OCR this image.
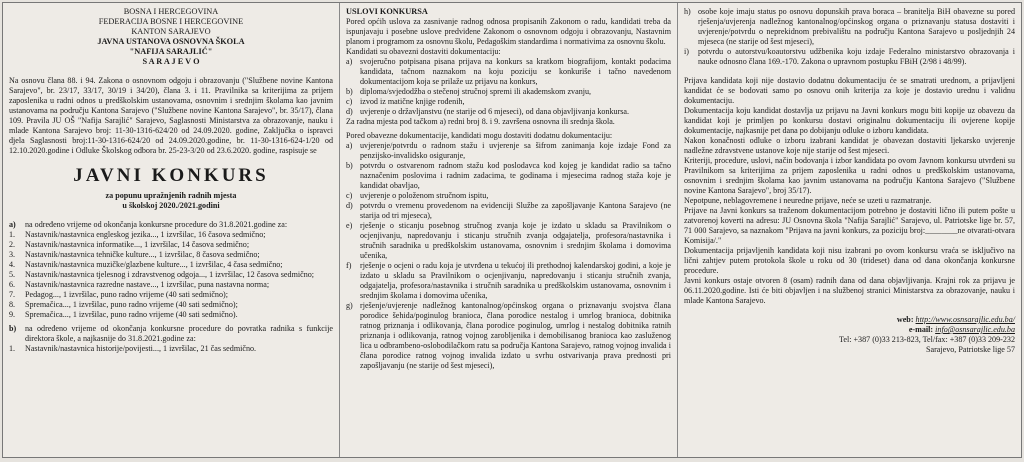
BOSNA I HERCEGOVINA
FEDERACIJA BOSNE I HERCEGOVINE
KANTON SARAJEVO
JAVNA USTANOVA OSNOVNA ŠKOLA
"NAFIJA SARAJLIĆ"
S A R A J E V O

Na osnovu člana 88. i 94. Zakona o osnovnom odgoju i obrazovanju ("Službene novine Kantona Sarajevo", br. 23/17, 33/17, 30/19 i 34/20), člana 3. i 11. Pravilnika sa kriterijima za prijem zaposlenika u radni odnos u predškolskim ustanovama, osnovnim i srednjim školama kao javnim ustanovama na području Kantona Sarajevo ("Službene novine Kantona Sarajevo", br. 35/17), člana 109. Pravila JU OŠ "Nafija Sarajlić" Sarajevo, Saglasnosti Ministarstva za obrazovanje, nauku i mlade Kantona Sarajevo broj: 11-30-1316-624/20 od 24.09.2020. godine, Zaključka o ispravci djela Saglasnosti broj:11-30-1316-624/20 od 24.09.2020.godine, br. 11-30-1316-624-1/20 od 12.10.2020.godine i Odluke Školskog odbora br. 25-23-3/20 od 23.6.2020. godine, raspisuje se

JAVNI KONKURS
za popunu upražnjenih radnih mjesta
u školskoj 2020./2021.godini
a)	na određeno vrijeme od okončanja konkursne procedure do 31.8.2021.godine za:
1.	Nastavnik/nastavnica engleskog jezika..., 1 izvršilac, 16 časova sedmično;
2.	Nastavnik/nastavnica informatike..., 1 izvršilac, 14 časova sedmično;
3.	Nastavnik/nastavnica tehničke kulture..., 1 izvršilac, 8 časova sedmično;
4.	Nastavnik/nastavnica muzičke/glazbene kulture..., 1 izvršilac, 4 časa sedmično;
5.	Nastavnik/nastavnica tjelesnog i zdravstvenog odgoja..., 1 izvršilac, 12 časova sedmično;
6.	Nastavnik/nastavnica razredne nastave..., 1 izvršilac, puna nastavna norma;
7.	Pedagog..., 1 izvršilac, puno radno vrijeme (40 sati sedmično);
8.	Spremačica..., 1 izvršilac, puno radno vrijeme (40 sati sedmično);
9.	Spremačica..., 1 izvršilac, puno radno vrijeme (40 sati sedmično).
b)	na određeno vrijeme od okončanja konkursne procedure do povratka radnika s funkcije direktora škole, a najkasnije do 31.8.2021.godine za:
1.	Nastavnik/nastavnica historije/povijesti..., 1 izvršilac, 21 čas sedmično.
USLOVI KONKURSA

Pored općih uslova za zasnivanje radnog odnosa propisanih Zakonom o radu, kandidati treba da ispunjavaju i posebne uslove predviđene Zakonom o osnovnom odgoju i obrazovanju, Nastavnim planom i programom za osnovnu školu, Pedagoškim standardima i normativima za osnovnu školu.

Kandidati su obavezni dostaviti dokumentaciju:

a) svojeručno potpisana pisana prijava na konkurs sa kratkom biografijom, kontakt podacima kandidata, tačnom naznakom na koju poziciju se konkuriše i tačno navedenom dokumentacijom koja se prilaže uz prijavu na konkurs,
b) diploma/svjedodžba o stečenoj stručnoj spremi ili akademskom zvanju,
c) izvod iz matične knjige rođenih,
d) uvjerenje o državljanstvu (ne starije od 6 mjeseci), od dana objavljivanja konkursa.

Za radna mjesta pod tačkom a) redni broj 8. i 9. završena osnovna ili srednja škola.

Pored obavezne dokumentacije, kandidati mogu dostaviti dodatnu dokumentaciju:

a) uvjerenje/potvrdu o radnom stažu i uvjerenje sa šifrom zanimanja koje izdaje Fond za penzijsko-invalidsko osiguranje,
b) potvrdu o ostvarenom radnom stažu kod poslodavca kod kojeg je kandidat radio sa tačno naznačenim poslovima i radnim zadacima, te godinama i mjesecima radnog staža koje je kandidat obavljao,
c) uvjerenje o položenom stručnom ispitu,
d) potvrdu o vremenu provedenom na evidenciji Službe za zapošljavanje Kantona Sarajevo (ne starija od tri mjeseca),
e) rješenje o sticanju posebnog stručnog zvanja koje je izdato u skladu sa Pravilnikom o ocjenjivanju, napredovanju i sticanju stručnih zvanja odgajatelja, profesora/nastavnika i stručnih saradnika u predškolskim ustanovama, osnovnim i srednjim školama i domovima učenika,
f)	rješenje o ocjeni o radu koja je utvrđena u tekućoj ili prethodnoj kalendarskoj godini, a koje je izdato u skladu sa Pravilnikom o ocjenjivanju, napredovanju i sticanju stručnih zvanja, odgajatelja, profesora/nastavnika i stručnih saradnika u predškolskim ustanovama, osnovnim i srednjim školama i domovima učenika,
g) rješenje/uvjerenje nadležnog kantonalnog/općinskog organa o priznavanju svojstva člana porodice šehida/poginulog branioca, člana porodice nestalog i umrlog branioca, dobitnika ratnog priznanja i odlikovanja, člana porodice poginulog, umrlog i nestalog dobitnika ratnih priznanja i odlikovanja, ratnog vojnog zarobljenika i demobilisanog branioca kao zasluženog lica u odbrambeno-oslobodilačkom ratu sa područja Kantona Sarajevo, ratnog vojnog invalida i člana porodice ratnog vojnog invalida izdato u svrhu ostvarivanja prava prednosti pri zapošljavanju (ne starije od šest mjeseci),
h) osobe koje imaju status po osnovu dopunskih prava boraca – branitelja BiH obavezne su pored rješenja/uvjerenja nadležnog kantonalnog/općinskog organa o priznavanju statusa dostaviti i uvjerenje/potvrdu o neprekidnom prebivalištu na području Kantona Sarajevo u posljednjih 24 mjeseca (ne starije od šest mjeseci),
i)	potvrdu o autorstvu/koautorstvu udžbenika koju izdaje Federalno ministarstvo obrazovanja i nauke odnosno člana 169.-170. Zakona o upravnom postupku FBiH (2/98 i 48/99).

Prijava kandidata koji nije dostavio dodatnu dokumentaciju će se smatrati urednom, a prijavljeni kandidat će se bodovati samo po osnovu onih kriterija za koje je dostavio urednu i validnu dokumentaciju.

Dokumentacija koju kandidat dostavlja uz prijavu na Javni konkurs mogu biti kopije uz obavezu da kandidat koji je primljen po konkursu dostavi originalnu dokumentaciju ili ovjerene kopije dokumentacije, najkasnije pet dana po dobijanju odluke o izboru kandidata.

Nakon konačnosti odluke o izboru izabrani kandidat je obavezan dostaviti ljekarsko uvjerenje nadležne zdravstvene ustanove koje nije starije od šest mjeseci.

Kriteriji, procedure, uslovi, način bodovanja i izbor kandidata po ovom Javnom konkursu utvrđeni su Pravilnikom sa kriterijima za prijem zaposlenika u radni odnos u predškolskim ustanovama, osnovnim i srednjim školama kao javnim ustanovama na području Kantona Sarajevo ("Službene novine Kantona Sarajevo", broj 35/17).

Nepotpune, neblagovremene i neuredne prijave, neće se uzeti u razmatranje.

Prijave na Javni konkurs sa traženom dokumentacijom potrebno je dostaviti lično ili putem pošte u zatvorenoj koverti na adresu: JU Osnovna škola "Nafija Sarajlić" Sarajevo, ul. Patriotske lige br. 57, 71 000 Sarajevo, sa naznakom "Prijava na javni konkurs, za poziciju broj:________ne otvarati-otvara Komisija/."

Dokumentacija prijavljenih kandidata koji nisu izabrani po ovom konkursu vraća se isključivo na lični zahtjev putem protokola škole u roku od 30 (trideset) dana od dana okončanja konkursne procedure.

Javni konkurs ostaje otvoren 8 (osam) radnih dana od dana objavljivanja. Krajni rok za prijavu je 06.11.2020.godine. Isti će biti objavljen i na službenoj stranici Ministarstva za obrazovanje, nauku i mlade Kantona Sarajevo.

web: http://www.osnsarajlic.edu.ba/
e-mail: info@osnsarajlic.edu.ba
Tel: +387 (0)33 213-823, Tel/fax: +387 (0)33 209-232
Sarajevo, Patriotske lige 57
